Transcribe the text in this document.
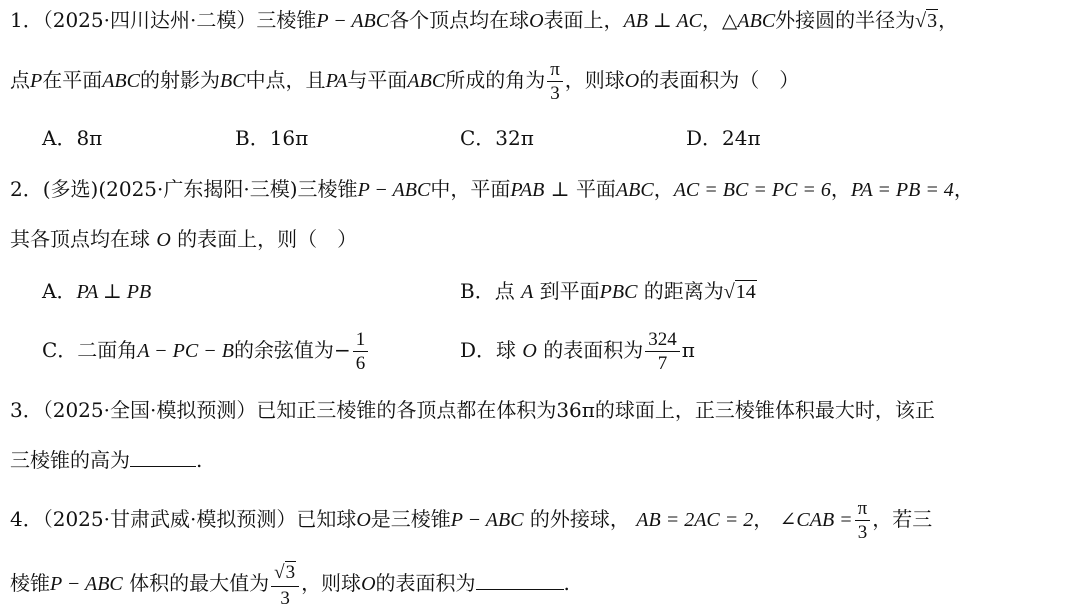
1．（2025·四川达州·二模）三棱锥P − ABC各个顶点均在球O表面上，AB ⊥ AC，△ABC外接圆的半径为√3，
点P在平面ABC的射影为BC中点，且PA与平面ABC所成的角为 $\frac{\pi}{3}$ ，则球O的表面积为（　）
A．8π	B．16π	C．32π	D．24π
2．(多选)(2025·广东揭阳·三模)三棱锥P − ABC中，平面PAB ⊥ 平面ABC，AC = BC = PC = 6，PA = PB = 4，
其各顶点均在球 O 的表面上，则（　）
A．PA ⊥ PB	B．点 A 到平面PBC 的距离为√14
C．二面角A − PC − B的余弦值为− $\frac{1}{6}$	D．球 O 的表面积为 $\frac{324}{7}$ π
3．（2025·全国·模拟预测）已知正三棱锥的各顶点都在体积为36π的球面上，正三棱锥体积最大时，该正
三棱锥的高为	.
4．（2025·甘肃武威·模拟预测）已知球O是三棱锥P − ABC 的外接球， AB = 2AC = 2， ∠CAB = $\frac{\pi}{3}$ ，若三
棱锥P − ABC 体积的最大值为 $\frac{√3}{3}$ ，则球O的表面积为	.
